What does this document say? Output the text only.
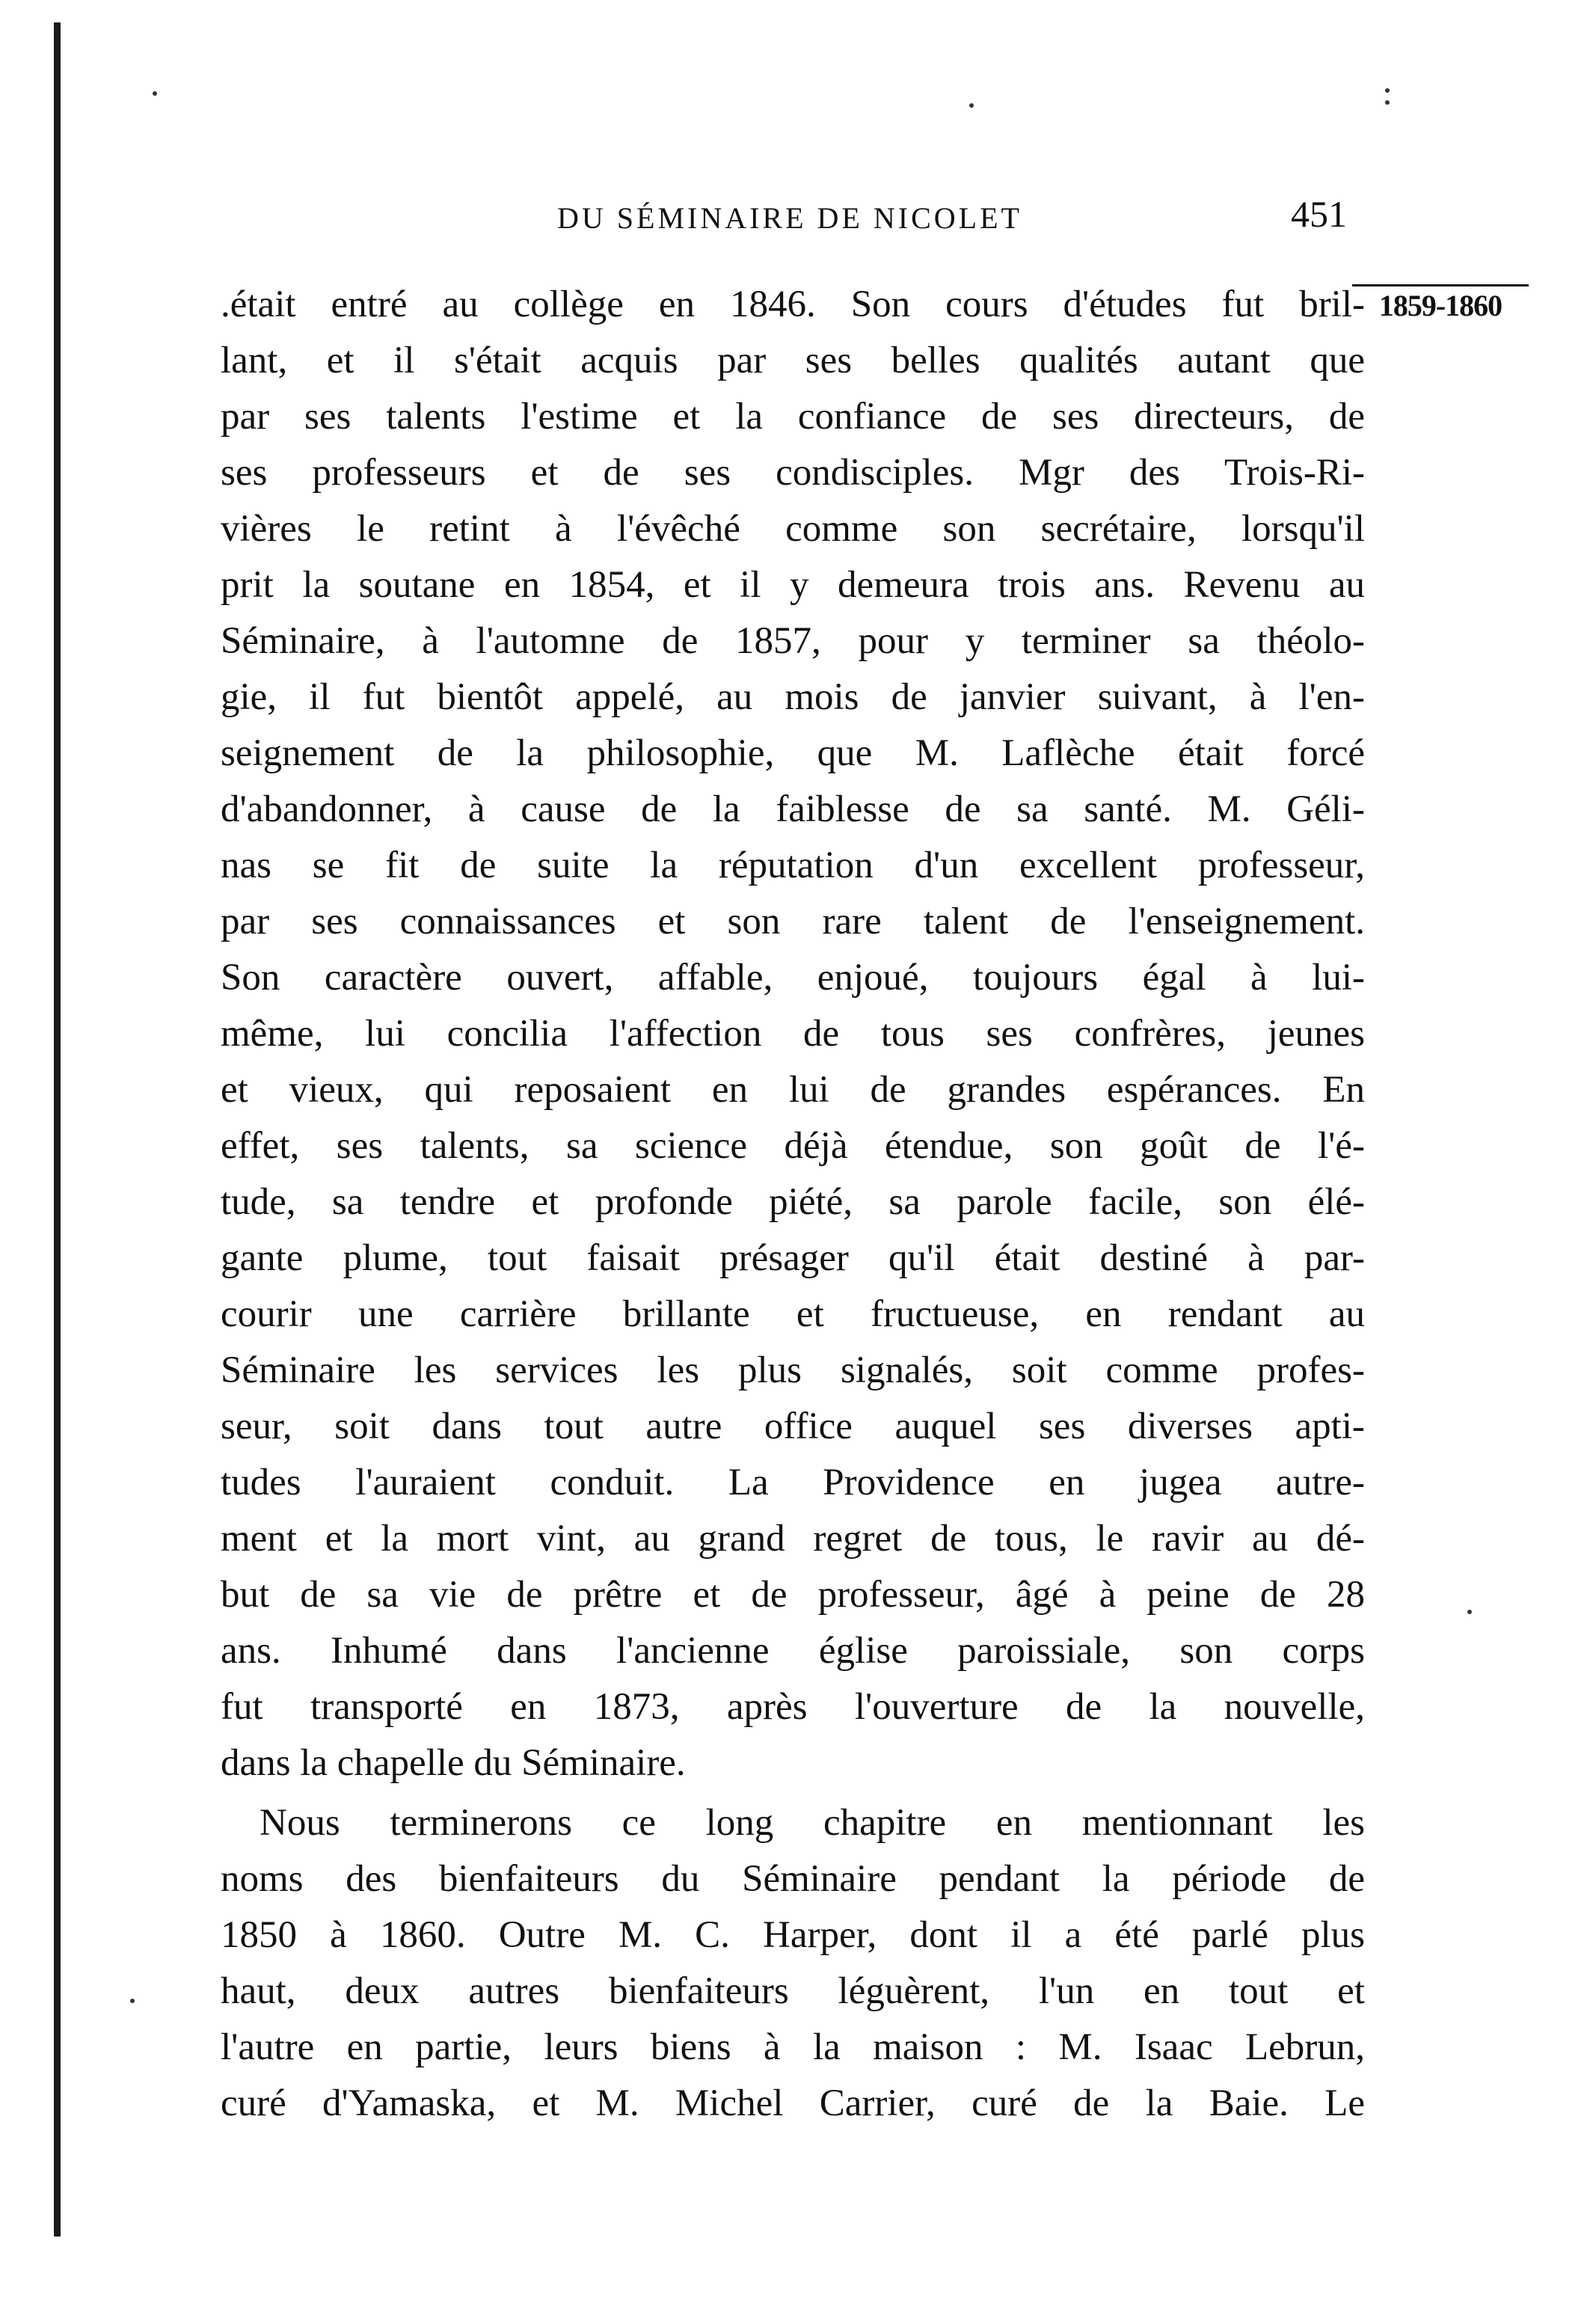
DU SÉMINAIRE DE NICOLET	451
1859-1860
.était entré au collège en 1846. Son cours d'études fut bril-
lant, et il s'était acquis par ses belles qualités autant que
par ses talents l'estime et la confiance de ses directeurs, de
ses professeurs et de ses condisciples. Mgr des Trois-Ri-
vières le retint à l'évêché comme son secrétaire, lorsqu'il
prit la soutane en 1854, et il y demeura trois ans. Revenu au
Séminaire, à l'automne de 1857, pour y terminer sa théolo-
gie, il fut bientôt appelé, au mois de janvier suivant, à l'en-
seignement de la philosophie, que M. Laflèche était forcé
d'abandonner, à cause de la faiblesse de sa santé. M. Géli-
nas se fit de suite la réputation d'un excellent professeur,
par ses connaissances et son rare talent de l'enseignement.
Son caractère ouvert, affable, enjoué, toujours égal à lui-
même, lui concilia l'affection de tous ses confrères, jeunes
et vieux, qui reposaient en lui de grandes espérances. En
effet, ses talents, sa science déjà étendue, son goût de l'é-
tude, sa tendre et profonde piété, sa parole facile, son élé-
gante plume, tout faisait présager qu'il était destiné à par-
courir une carrière brillante et fructueuse, en rendant au
Séminaire les services les plus signalés, soit comme profes-
seur, soit dans tout autre office auquel ses diverses apti-
tudes l'auraient conduit. La Providence en jugea autre-
ment et la mort vint, au grand regret de tous, le ravir au dé-
but de sa vie de prêtre et de professeur, âgé à peine de 28
ans. Inhumé dans l'ancienne église paroissiale, son corps
fut transporté en 1873, après l'ouverture de la nouvelle,
dans la chapelle du Séminaire.
Nous terminerons ce long chapitre en mentionnant les
noms des bienfaiteurs du Séminaire pendant la période de
1850 à 1860. Outre M. C. Harper, dont il a été parlé plus
haut, deux autres bienfaiteurs léguèrent, l'un en tout et
l'autre en partie, leurs biens à la maison : M. Isaac Lebrun,
curé d'Yamaska, et M. Michel Carrier, curé de la Baie. Le
